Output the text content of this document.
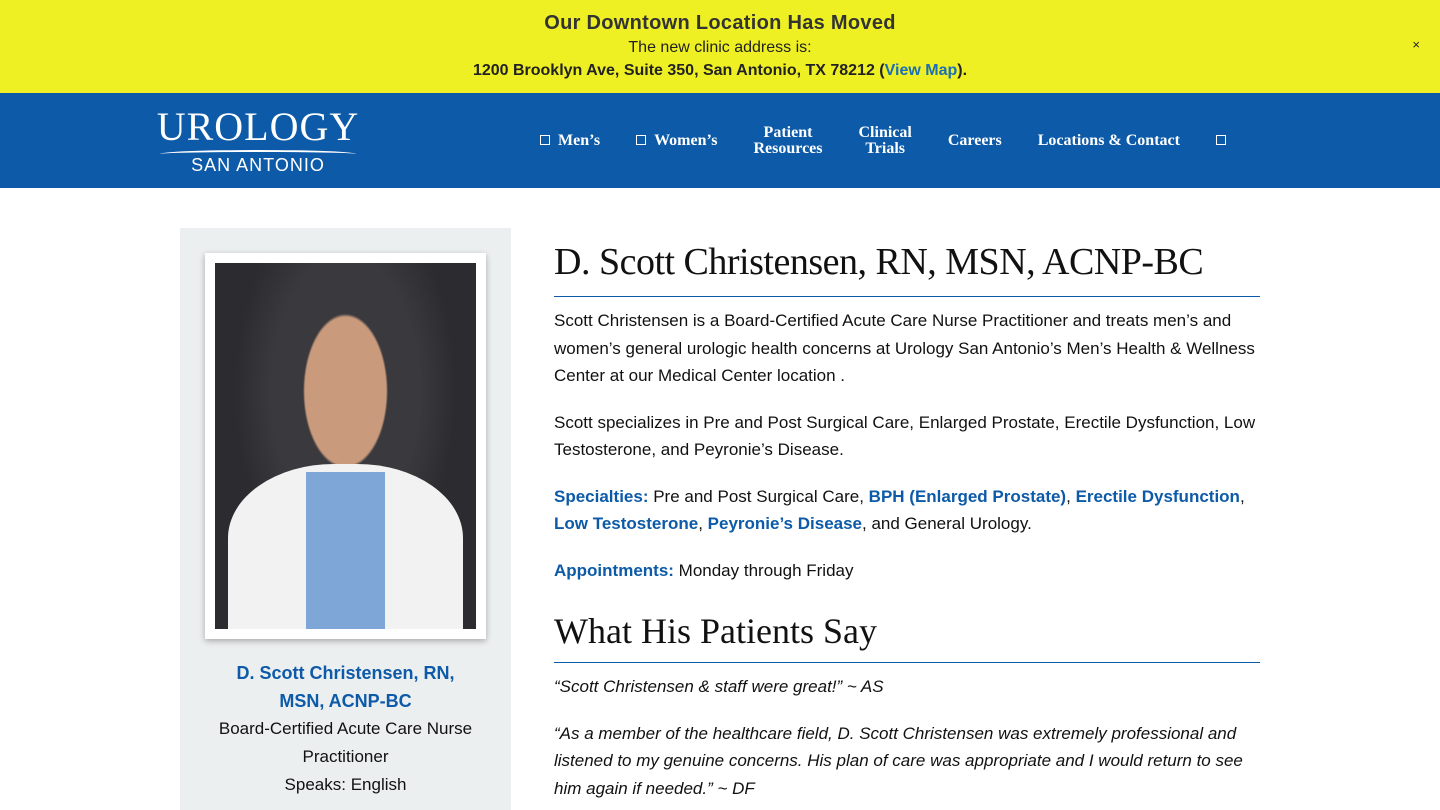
Our Downtown Location Has Moved
The new clinic address is:
1200 Brooklyn Ave, Suite 350, San Antonio, TX 78212 (View Map).
×
UROLOGY
SAN ANTONIO
Men’s	Women’s	Patient
Resources
Clinical
Trials	Careers Locations & Contact
D. Scott Christensen, RN,
MSN, ACNP-BC

Board-Certified Acute Care Nurse Practitioner

Speaks: English

D. Scott Christensen, RN, MSN, ACNP-BC

Scott Christensen is a Board-Certified Acute Care Nurse Practitioner and treats men’s and women’s general urologic health concerns at Urology San Antonio’s Men’s Health & Wellness Center at our Medical Center location .

Scott specializes in Pre and Post Surgical Care, Enlarged Prostate, Erectile Dysfunction, Low Testosterone, and Peyronie’s Disease.

Specialties: Pre and Post Surgical Care, BPH (Enlarged Prostate), Erectile Dysfunction, Low Testosterone, Peyronie’s Disease, and General Urology.

Appointments: Monday through Friday

What His Patients Say

“Scott Christensen & staff were great!” ~ AS

“As a member of the healthcare field, D. Scott Christensen was extremely professional and listened to my genuine concerns. His plan of care was appropriate and I would return to see him again if needed.” ~ DF
